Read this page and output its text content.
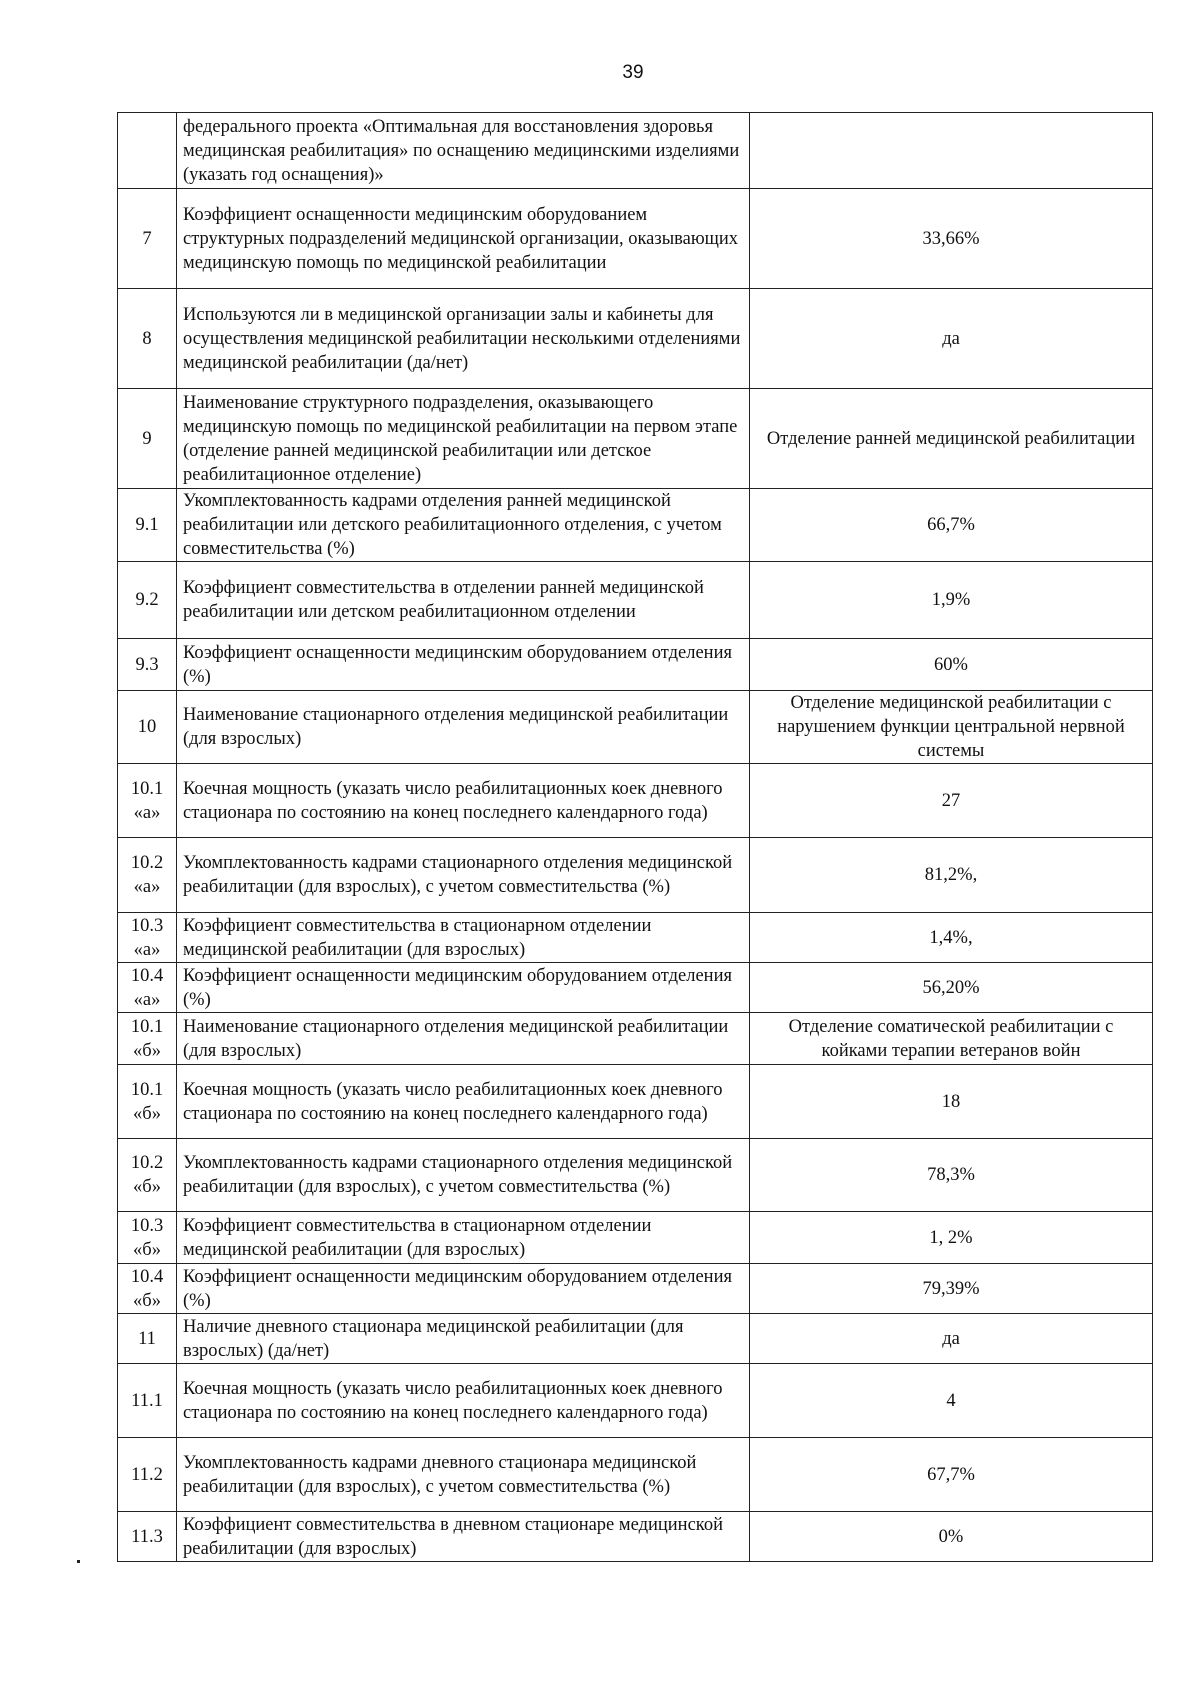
39
	федерального проекта «Оптимальная для восстановления здоровья медицинская реабилитация» по оснащению медицинскими изделиями (указать год оснащения)»	
7	Коэффициент оснащенности медицинским оборудованием структурных подразделений медицинской организации, оказывающих медицинскую помощь по медицинской реабилитации	33,66%
8	Используются ли в медицинской организации залы и кабинеты для осуществления медицинской реабилитации несколькими отделениями медицинской реабилитации (да/нет)	да
9	Наименование структурного подразделения, оказывающего медицинскую помощь по медицинской реабилитации на первом этапе (отделение ранней медицинской реабилитации или детское реабилитационное отделение)	Отделение ранней медицинской реабилитации
9.1	Укомплектованность кадрами отделения ранней медицинской реабилитации или детского реабилитационного отделения, с учетом совместительства (%)	66,7%
9.2	Коэффициент совместительства в отделении ранней медицинской реабилитации или детском реабилитационном отделении	1,9%
9.3	Коэффициент оснащенности медицинским оборудованием отделения (%)	60%
10	Наименование стационарного отделения медицинской реабилитации (для взрослых)	Отделение медицинской реабилитации с нарушением функции центральной нервной системы
10.1 «а»	Коечная мощность (указать число реабилитационных коек дневного стационара по состоянию на конец последнего календарного года)	27
10.2 «а»	Укомплектованность кадрами стационарного отделения медицинской реабилитации (для взрослых), с учетом совместительства (%)	81,2%,
10.3 «а»	Коэффициент совместительства в стационарном отделении медицинской реабилитации (для взрослых)	1,4%,
10.4 «а»	Коэффициент оснащенности медицинским оборудованием отделения (%)	56,20%
10.1 «б»	Наименование стационарного отделения медицинской реабилитации (для взрослых)	Отделение соматической реабилитации с койками терапии ветеранов войн
10.1 «б»	Коечная мощность (указать число реабилитационных коек дневного стационара по состоянию на конец последнего календарного года)	18
10.2 «б»	Укомплектованность кадрами стационарного отделения медицинской реабилитации (для взрослых), с учетом совместительства (%)	78,3%
10.3 «б»	Коэффициент совместительства в стационарном отделении медицинской реабилитации (для взрослых)	1, 2%
10.4 «б»	Коэффициент оснащенности медицинским оборудованием отделения (%)	79,39%
11	Наличие дневного стационара медицинской реабилитации (для взрослых) (да/нет)	да
11.1	Коечная мощность (указать число реабилитационных коек дневного стационара по состоянию на конец последнего календарного года)	4
11.2	Укомплектованность кадрами дневного стационара медицинской реабилитации (для взрослых), с учетом совместительства (%)	67,7%
11.3	Коэффициент совместительства в дневном стационаре медицинской реабилитации (для взрослых)	0%
